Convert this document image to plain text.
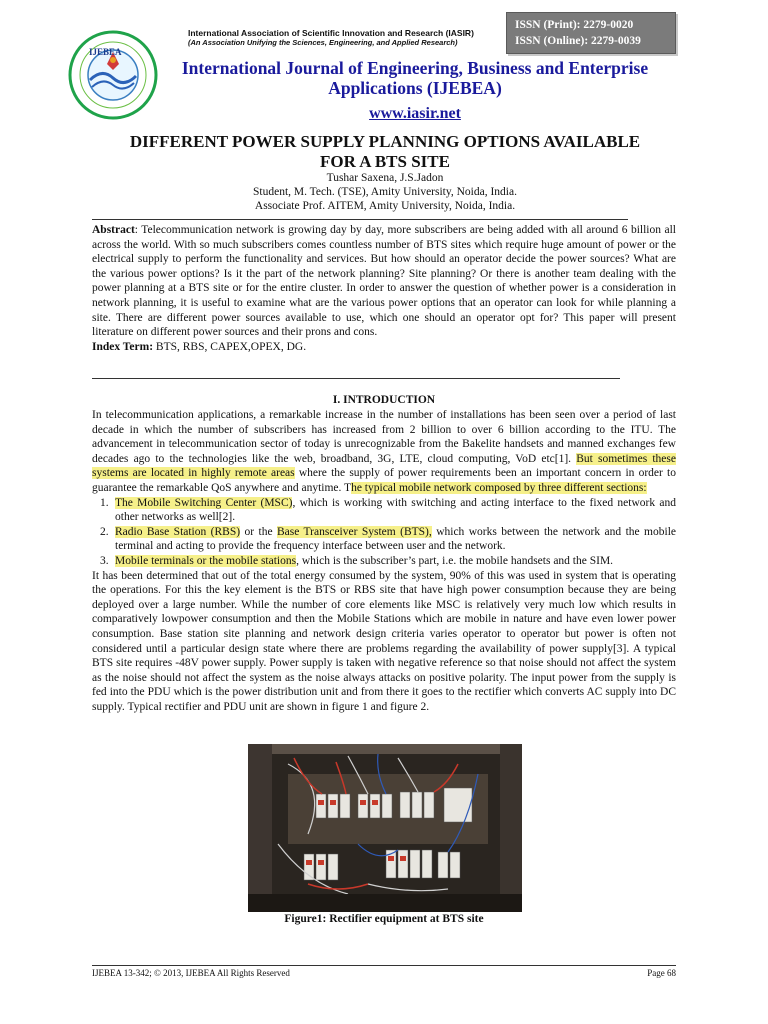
International Association of Scientific Innovation and Research (IASIR)
(An Association Unifying the Sciences, Engineering, and Applied Research)
ISSN (Print): 2279-0020
ISSN (Online): 2279-0039
IJEBEA
International Journal of Engineering, Business and Enterprise
Applications (IJEBEA)
www.iasir.net
DIFFERENT POWER SUPPLY PLANNING OPTIONS AVAILABLE
FOR A BTS SITE
Tushar Saxena, J.S.Jadon
Student, M. Tech. (TSE), Amity University, Noida, India.
Associate Prof. AITEM, Amity University, Noida, India.
Abstract: Telecommunication network is growing day by day, more subscribers are being added with all around 6 billion all across the world. With so much subscribers comes countless number of BTS sites which require huge amount of power or the electrical supply to perform the functionality and services. But how should an operator decide the power sources? What are the various power options? Is it the part of the network planning? Site planning? Or there is another team dealing with the power planning at a BTS site or for the entire cluster. In order to answer the question of whether power is a consideration in network planning, it is useful to examine what are the various power options that an operator can look for while planning a site. There are different power sources available to use, which one should an operator opt for? This paper will present literature on different power sources and their prons and cons.
Index Term: BTS, RBS, CAPEX,OPEX, DG.
I. INTRODUCTION

In telecommunication applications, a remarkable increase in the number of installations has been seen over a period of last decade in which the number of subscribers has increased from 2 billion to over 6 billion according to the ITU. The advancement in telecommunication sector of today is unrecognizable from the Bakelite handsets and manned exchanges few decades ago to the technologies like the web, broadband, 3G, LTE, cloud computing, VoD etc[1]. But sometimes these systems are located in highly remote areas where the supply of power requirements been an important concern in order to guarantee the remarkable QoS anywhere and anytime. The typical mobile network composed by three different sections:

1. The Mobile Switching Center (MSC), which is working with switching and acting interface to the fixed network and other networks as well[2].
2. Radio Base Station (RBS) or the Base Transceiver System (BTS), which works between the network and the mobile terminal and acting to provide the frequency interface between user and the network.
3. Mobile terminals or the mobile stations, which is the subscriber’s part, i.e. the mobile handsets and the SIM.

It has been determined that out of the total energy consumed by the system, 90% of this was used in system that is operating the operations. For this the key element is the BTS or RBS site that have high power consumption because they are being deployed over a large number. While the number of core elements like MSC is relatively very much low which results in comparatively lowpower consumption and then the Mobile Stations which are mobile in nature and have even lower power consumption. Base station site planning and network design criteria varies operator to operator but power is often not considered until a particular design state where there are problems regarding the availability of power supply[3]. A typical BTS site requires -48V power supply. Power supply is taken with negative reference so that noise should not affect the system as the noise should not affect the system as the noise always attacks on positive polarity. The input power from the supply is fed into the PDU which is the power distribution unit and from there it goes to the rectifier which converts AC supply into DC supply. Typical rectifier and PDU unit are shown in figure 1 and figure 2.

Figure1: Rectifier equipment at BTS site
IJEBEA 13-342; © 2013, IJEBEA All Rights Reserved	Page 68
